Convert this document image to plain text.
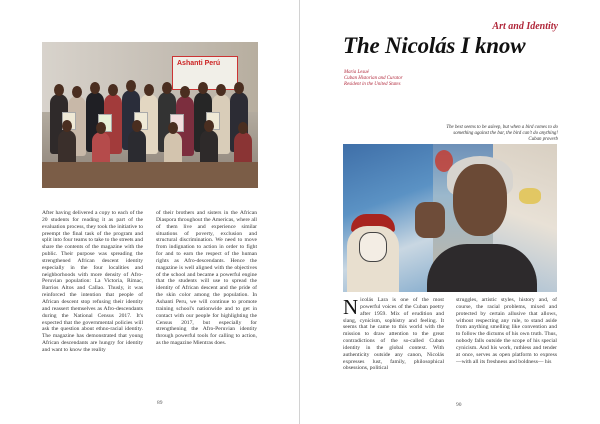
Ashanti Perú
After having delivered a copy to each of the 20 students for reading it as part of the evaluation process, they took the initiative to preempt the final task of the program and split into four teams to take to the streets and share the contents of the magazine with the public. Their purpose was spreading the strengthened African descent identity especially in the four localities and neighborhoods with more density of Afro-Peruvian population: La Victoria, Rímac, Barrios Altos and Callao. Thusly, it was reinforced the intention that people of African descent stop refusing their identity and reassert themselves as Afro-descendants during the National Census 2017. It's expected that the governmental policies will ask the question about ethno-racial identity. The magazine has demonstrated that young African descendants are hungry for identity and want to know the reality
of their brothers and sisters in the African Diaspora throughout the Americas, where all of them live and experience similar situations of poverty, exclusion and structural discrimination. We need to move from indignation to action in order to fight for and to earn the respect of the human rights as Afro-descendants. Hence the magazine is well aligned with the objectives of the school and became a powerful engine that the students will use to spread the identity of African descent and the pride of the skin color among the population. In Ashanti Peru, we will continue to promote training school's nationwide and to get in contact with our people for highlighting the Census 2017, but especially for strengthening the Afro-Peruvian identity through powerful tools for calling to action, as the magazine Mientras does.
89
Art and Identity
The Nicolás I know
María Lesué
Cuban Historian and Curator
Resident in the United States
The best seems to be asleep, but when a bird comes to do
something against the bar, the bird can't do anything!
Cuban proverb
Nicolás Lara is one of the most powerful voices of the Cuban poetry after 1959. Mix of erudition and slang, cynicism, sophistry and feeling. It seems that he came to this world with the mission to draw attention to the great contradictions of the so-called Cuban identity in the global context. With authenticity outside any canon, Nicolás expresses lust, family, philosophical obsessions, political
struggles, artistic styles, history and, of course, the racial problems, mixed and protected by certain allusive that allows, without respecting any rule, to stand aside from anything smelling like convention and to follow the dictums of his own truth. Thus, nobody falls outside the scope of his special cynicism. And his work, ruthless and tender at once, serves as open platform to express —with all its freshness and boldness— his
90
